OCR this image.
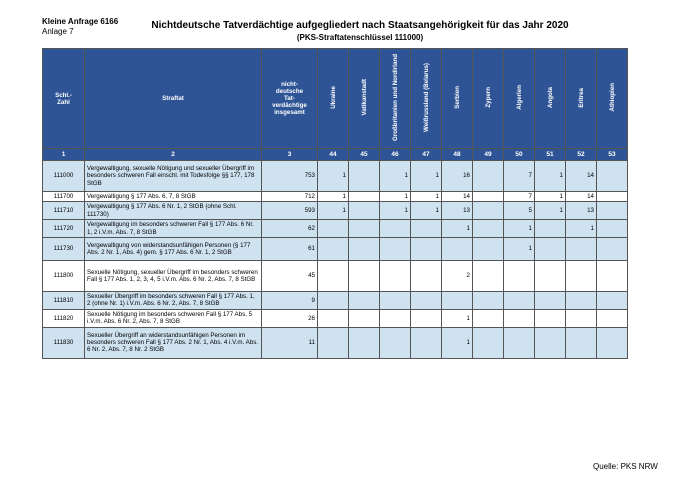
Kleine Anfrage 6166
Anlage 7
Nichtdeutsche Tatverdächtige aufgegliedert nach Staatsangehörigkeit für das Jahr 2020
(PKS-Straftatenschlüssel 111000)
Schl.-
Zahl	Straftat	nicht-
deutsche
Tat-
verdächtige
insgesamt	Ukraine	Vatikanstadt	Großbritanien und Nordirland	Weißrussland (Belarus)	Serbien	Zypern	Algerien	Angola	Eritrea	Äthiopien
1	2	3	44	45	46	47	48	49	50	51	52	53
111000	Vergewaltigung, sexuelle Nötigung und sexueller Übergriff im besonders schweren Fall einschl. mit Todesfolge §§ 177, 178 StGB	753	1		1	1	16		7	1	14	
111700	Vergewaltigung § 177 Abs. 6, 7, 8 StGB	712	1		1	1	14		7	1	14	
111710	Vergewaltigung § 177 Abs. 6 Nr. 1, 2 StGB (ohne Schl. 111730)	593	1		1	1	13		5	1	13	
111720	Vergewaltigung im besonders schweren Fall § 177 Abs. 6 Nr. 1, 2 i.V.m. Abs. 7, 8 StGB	62					1		1		1	
111730	Vergewaltigung von widerstandsunfähigen Personen (§ 177 Abs. 2 Nr. 1, Abs. 4) gem. § 177 Abs. 6 Nr. 1, 2 StGB	61							1			
111800	Sexuelle Nötigung, sexueller Übergriff im besonders schweren Fall § 177 Abs. 1, 2, 3, 4, 5 i.V.m. Abs. 6 Nr. 2, Abs. 7, 8 StGB	45					2					
111810	Sexueller Übergriff im besonders schweren Fall § 177 Abs. 1, 2 (ohne Nr. 1) i.V.m. Abs. 6 Nr. 2, Abs. 7, 8 StGB	9										
111820	Sexuelle Nötigung im besonders schweren Fall § 177 Abs. 5 i.V.m. Abs. 6 Nr. 2, Abs. 7, 8 StGB	26					1					
111830	Sexueller Übergriff an widerstandsunfähigen Personen im besonders schweren Fall § 177 Abs. 2 Nr. 1, Abs. 4 i.V.m. Abs. 6 Nr. 2, Abs. 7, 8 Nr. 2 StGB	11					1					
Quelle: PKS NRW
